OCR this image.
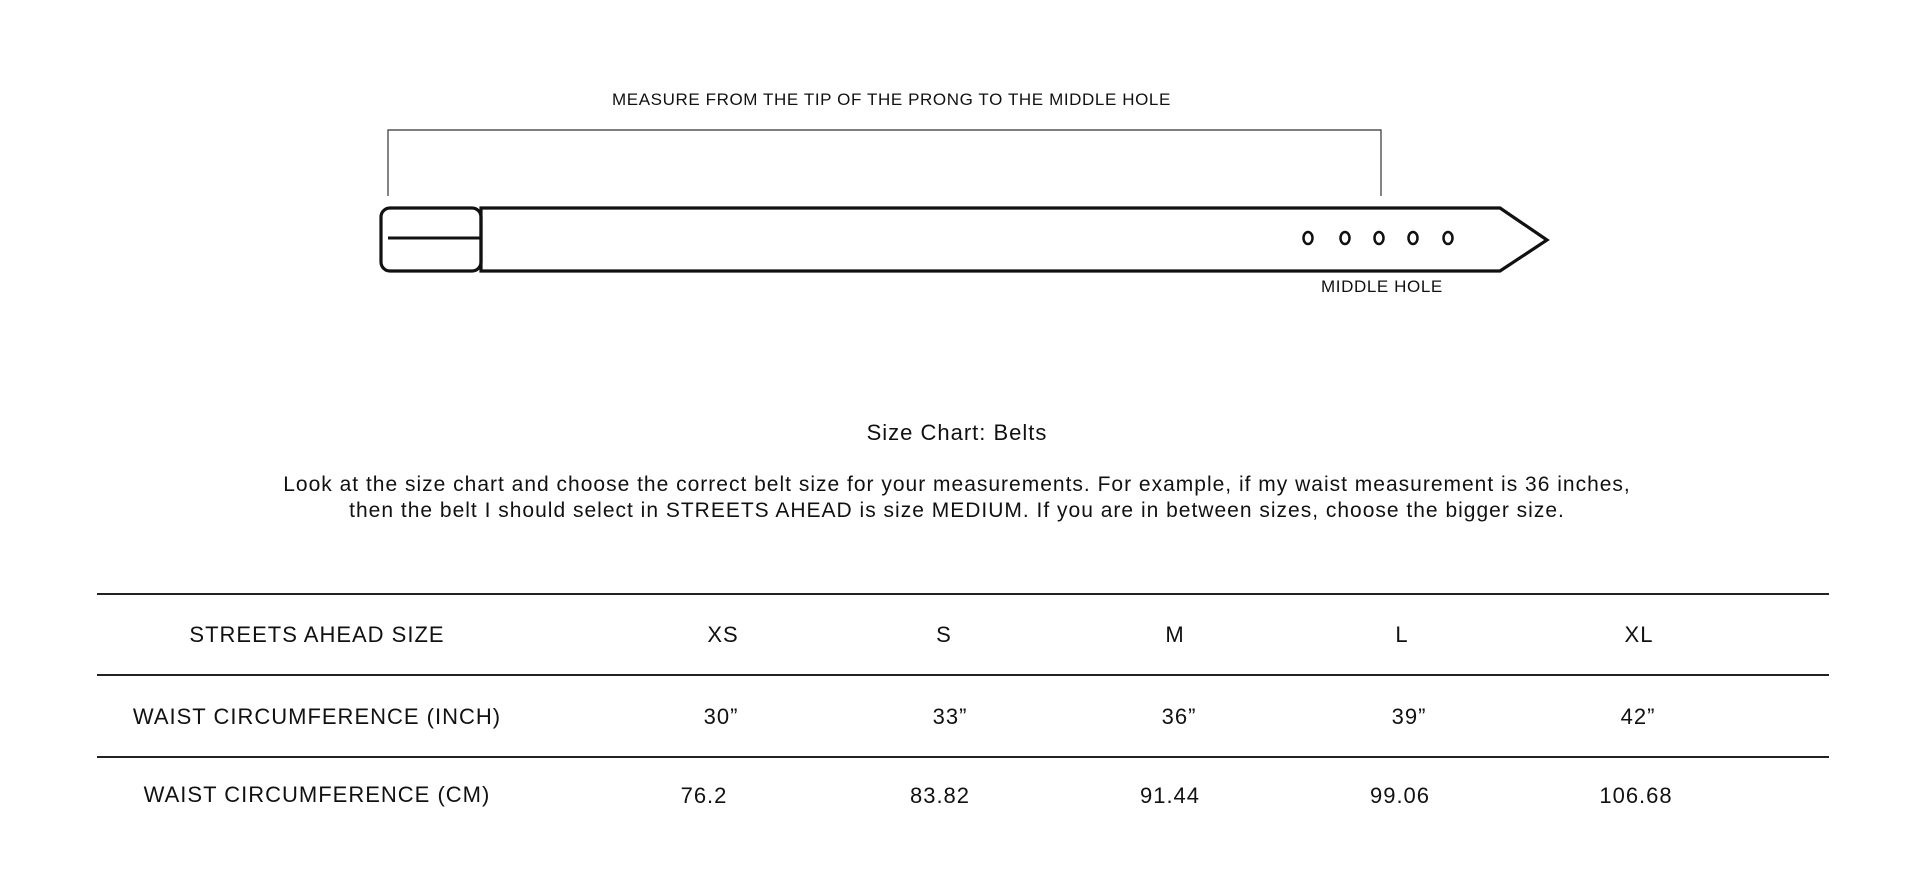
MEASURE FROM THE TIP OF THE PRONG TO THE MIDDLE HOLE
MIDDLE HOLE
Size Chart: Belts
Look at the size chart and choose the correct belt size for your measurements. For example, if my waist measurement is 36 inches,
then the belt I should select in STREETS AHEAD is size MEDIUM. If you are in between sizes, choose the bigger size.
STREETS AHEAD SIZE	XS	S	M	L	XL
WAIST CIRCUMFERENCE (INCH)	30”	33”	36”	39”	42”
WAIST CIRCUMFERENCE (CM)	76.2	83.82	91.44	99.06	106.68
